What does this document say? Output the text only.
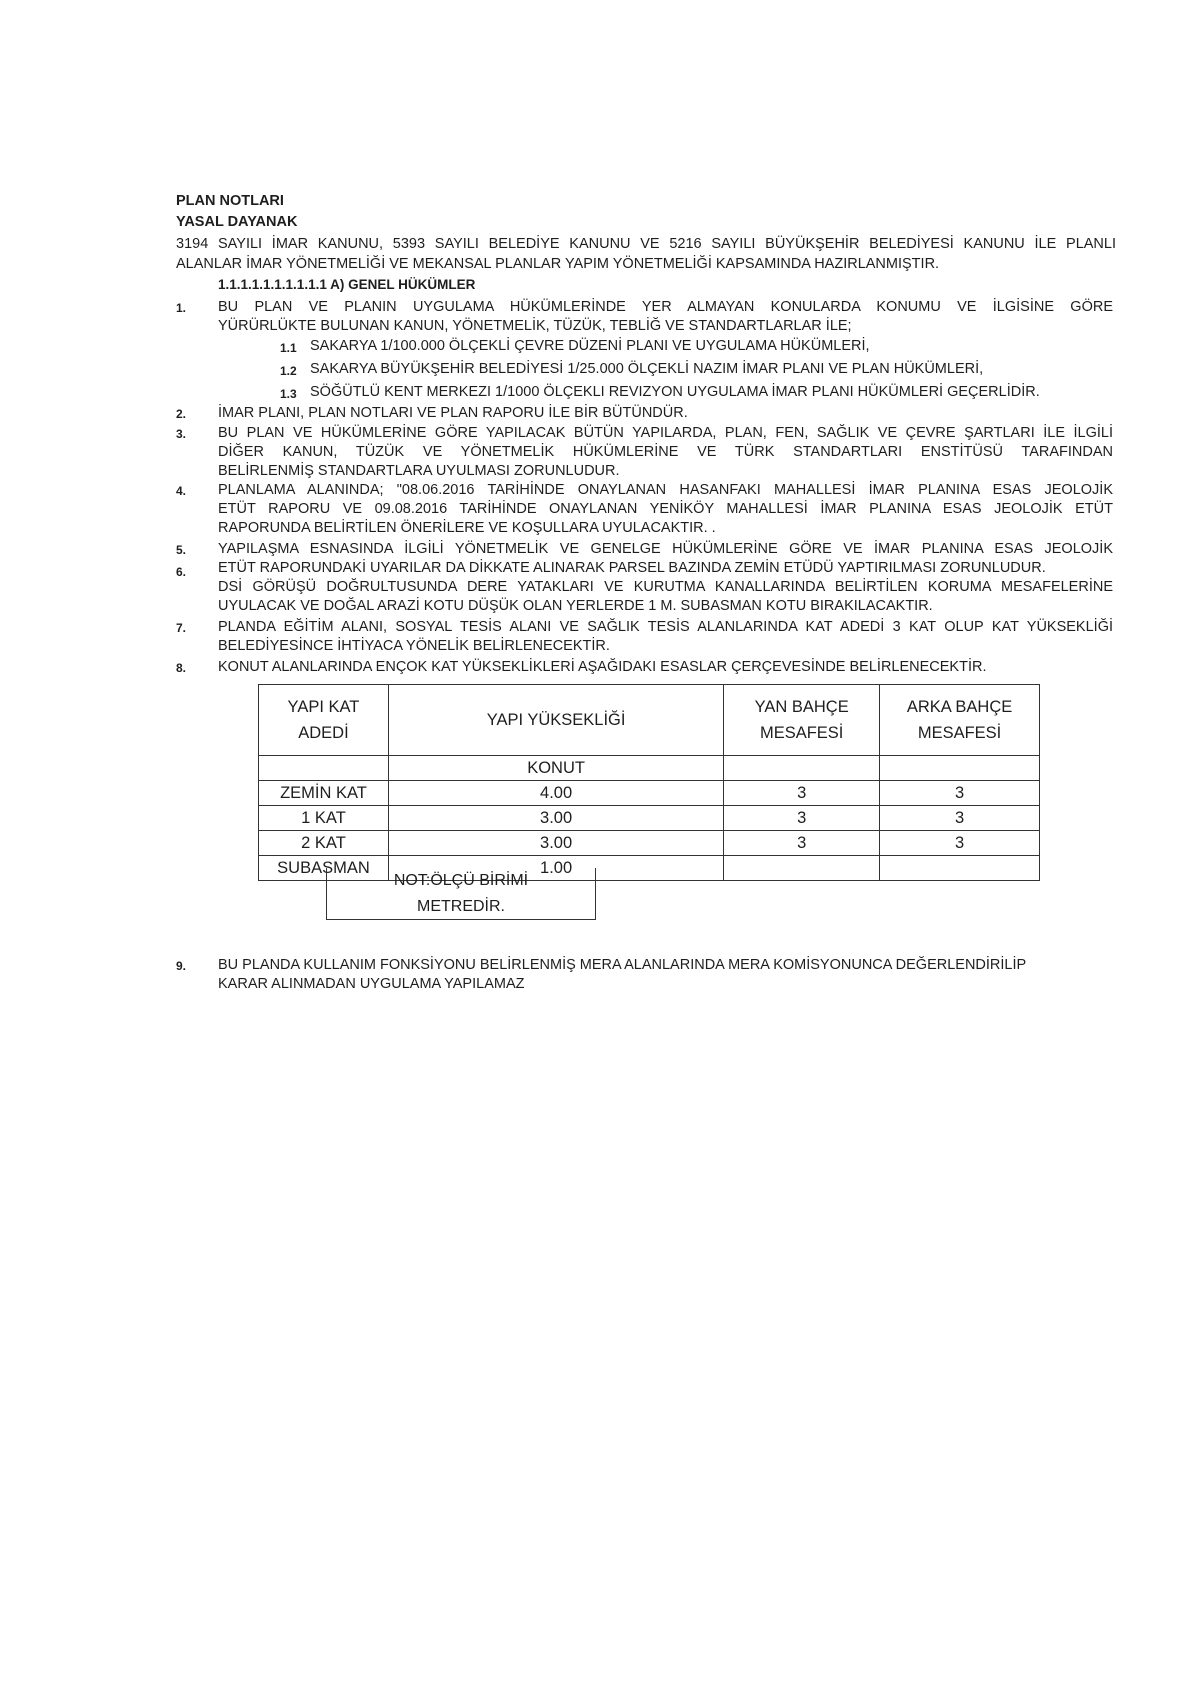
PLAN NOTLARI
YASAL DAYANAK
3194 SAYILI İMAR KANUNU, 5393 SAYILI BELEDİYE KANUNU VE 5216 SAYILI BÜYÜKŞEHİR BELEDİYESİ KANUNU İLE PLANLI
ALANLAR İMAR YÖNETMELİĞİ VE MEKANSAL PLANLAR YAPIM YÖNETMELİĞİ KAPSAMINDA HAZIRLANMIŞTIR.
1.1.1.1.1.1.1.1.1.1 A) GENEL HÜKÜMLER
1. BU PLAN VE PLANIN UYGULAMA HÜKÜMLERİNDE YER ALMAYAN KONULARDA KONUMU VE İLGİSİNE GÖRE
YÜRÜRLÜKTE BULUNAN KANUN, YÖNETMELİK, TÜZÜK, TEBLİĞ VE STANDARTLARLAR İLE;
1.1 SAKARYA 1/100.000 ÖLÇEKLİ ÇEVRE DÜZENİ PLANI VE UYGULAMA HÜKÜMLERİ,
1.2 SAKARYA BÜYÜKŞEHİR BELEDİYESİ 1/25.000 ÖLÇEKLİ NAZIM İMAR PLANI VE PLAN HÜKÜMLERİ,
1.3 SÖĞÜTLÜ KENT MERKEZI 1/1000 ÖLÇEKLI REVIZYON UYGULAMA İMAR PLANI HÜKÜMLERİ GEÇERLİDİR.
2. İMAR PLANI, PLAN NOTLARI VE PLAN RAPORU İLE BİR BÜTÜNDÜR.
3. BU PLAN VE HÜKÜMLERİNE GÖRE YAPILACAK BÜTÜN YAPILARDA, PLAN, FEN, SAĞLIK VE ÇEVRE ŞARTLARI İLE İLGİLİ
DİĞER KANUN, TÜZÜK VE YÖNETMELİK HÜKÜMLERİNE VE TÜRK STANDARTLARI ENSTİTÜSÜ TARAFINDAN
BELİRLENMİŞ STANDARTLARA UYULMASI ZORUNLUDUR.
4. PLANLAMA ALANINDA; "08.06.2016 TARİHİNDE ONAYLANAN HASANFAKI MAHALLESİ İMAR PLANINA ESAS JEOLOJİK
ETÜT RAPORU VE 09.08.2016 TARİHİNDE ONAYLANAN YENİKÖY MAHALLESİ İMAR PLANINA ESAS JEOLOJİK ETÜT
RAPORUNDA BELİRTİLEN ÖNERİLERE VE KOŞULLARA UYULACAKTIR. .
5. YAPILAŞMA ESNASINDA İLGİLİ YÖNETMELİK VE GENELGE HÜKÜMLERİNE GÖRE VE İMAR PLANINA ESAS JEOLOJİK
ETÜT RAPORUNDAKİ UYARILAR DA DİKKATE ALINARAK PARSEL BAZINDA ZEMİN ETÜDÜ YAPTIRILMASI ZORUNLUDUR.
6.
DSİ GÖRÜŞÜ DOĞRULTUSUNDA DERE YATAKLARI VE KURUTMA KANALLARINDA BELİRTİLEN KORUMA MESAFELERİNE
UYULACAK VE DOĞAL ARAZİ KOTU DÜŞÜK OLAN YERLERDE 1 M. SUBASMAN KOTU BIRAKILACAKTIR.
7. PLANDA EĞİTİM ALANI, SOSYAL TESİS ALANI VE SAĞLIK TESİS ALANLARINDA KAT ADEDİ 3 KAT OLUP KAT YÜKSEKLİĞİ
BELEDİYESİNCE İHTİYACA YÖNELİK BELİRLENECEKTİR.
8. KONUT ALANLARINDA ENÇOK KAT YÜKSEKLİKLERİ AŞAĞIDAKI ESASLAR ÇERÇEVESİNDE BELİRLENECEKTİR.
YAPI KAT ADEDİ	YAPI YÜKSEKLİĞİ	YAN BAHÇE MESAFESİ	ARKA BAHÇE MESAFESİ

	KONUT		
ZEMİN KAT	4.00	3	3
1 KAT	3.00	3	3
2 KAT	3.00	3	3
SUBASMAN	1.00		
NOT:ÖLÇÜ BİRİMİ
METREDİR.
9. BU PLANDA KULLANIM FONKSİYONU BELİRLENMİŞ MERA ALANLARINDA MERA KOMİSYONUNCA DEĞERLENDİRİLİP
KARAR ALINMADAN UYGULAMA YAPILAMAZ
